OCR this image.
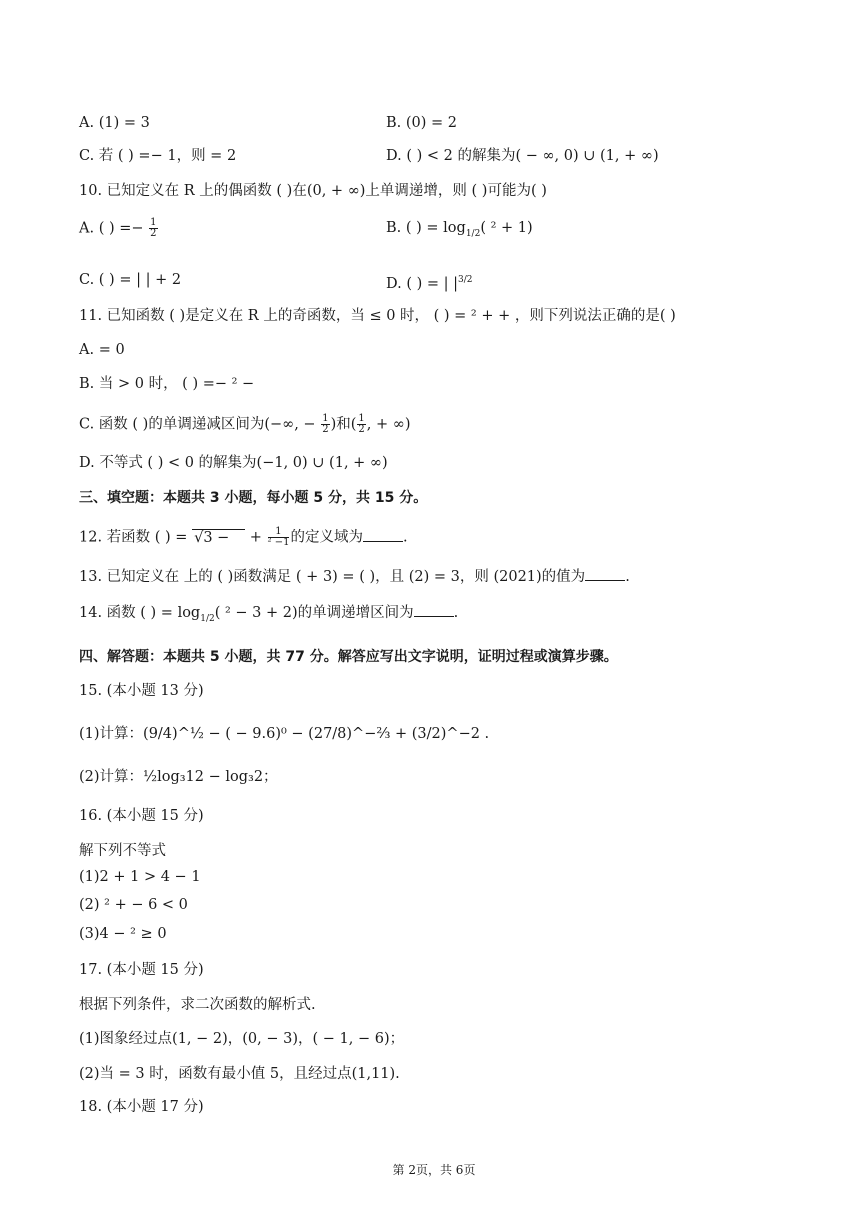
A. (1) = 3	B. (0) = 2
C. 若 ( ) =− 1，则 = 2	D. ( ) < 2 的解集为( − ∞, 0) ∪ (1, + ∞)
10. 已知定义在 R 上的偶函数 ( )在(0, + ∞)上单调递增，则 ( )可能为( )
A. ( ) =− $\frac{1}{2}$	B. ( ) = $\log_{1/2}$( ² + 1)
C. ( ) = | | + 2	D. ( ) = | $|^{3/2}$
11. 已知函数 ( )是定义在 R 上的奇函数，当 ≤ 0 时， ( ) = ² + + ，则下列说法正确的是( )
A. = 0
B. 当 > 0 时， ( ) =− ² −
C. 函数 ( )的单调递减区间为(−∞, − $\frac{1}{2}$ )和( $\frac{1}{2}$ , + ∞)
D. 不等式 ( ) < 0 的解集为(−1, 0) ∪ (1, + ∞)
三、填空题：本题共 3 小题，每小题 5 分，共 15 分。
12. 若函数 ( ) = √3 − + $\frac{1}{\text{² −1}}$ 的定义域为	.
13. 已知定义在 上的 ( )函数满足 ( + 3) = ( )，且 (2) = 3，则 (2021)的值为	.
14. 函数 ( ) = $\log_{1/2}$( ² − 3 + 2)的单调递增区间为	.
四、解答题：本题共 5 小题，共 77 分。解答应写出文字说明，证明过程或演算步骤。
15. (本小题 13 分)
(1)计算：(9/4)^½ − ( − 9.6)⁰ − (27/8)^−⅔ + (3/2)^−2 .
(2)计算：½log₃12 − log₃2；
16. (本小题 15 分)
解下列不等式
(1)2 + 1 > 4 − 1
(2) ² + − 6 < 0
(3)4 − ² ≥ 0
17. (本小题 15 分)
根据下列条件，求二次函数的解析式.
(1)图象经过点(1, − 2)，(0, − 3)，( − 1, − 6)；
(2)当 = 3 时，函数有最小值 5，且经过点(1,11).
18. (本小题 17 分)
第 2页，共 6页
